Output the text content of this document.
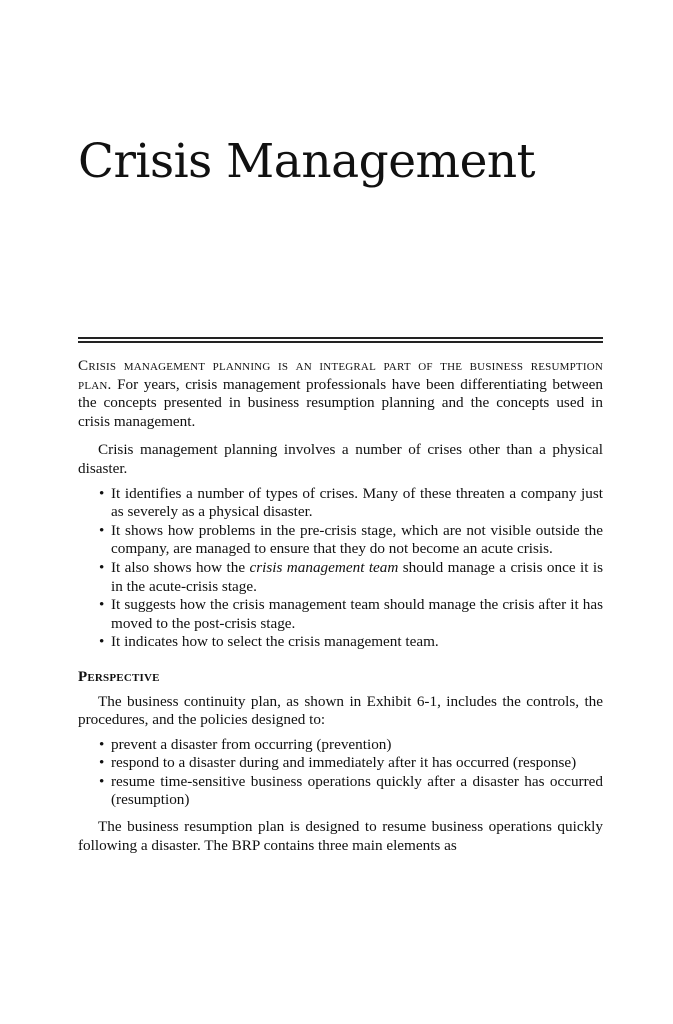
Crisis Management

Crisis management planning is an integral part of the business resumption plan. For years, crisis management professionals have been differentiating between the concepts presented in business resumption planning and the concepts used in crisis management.

Crisis management planning involves a number of crises other than a physical disaster.

• It identifies a number of types of crises. Many of these threaten a company just as severely as a physical disaster.
• It shows how problems in the pre-crisis stage, which are not visible outside the company, are managed to ensure that they do not become an acute crisis.
• It also shows how the crisis management team should manage a crisis once it is in the acute-crisis stage.
• It suggests how the crisis management team should manage the crisis after it has moved to the post-crisis stage.
• It indicates how to select the crisis management team.

Perspective

The business continuity plan, as shown in Exhibit 6-1, includes the controls, the procedures, and the policies designed to:

• prevent a disaster from occurring (prevention)
• respond to a disaster during and immediately after it has occurred (response)
• resume time-sensitive business operations quickly after a disaster has occurred (resumption)

The business resumption plan is designed to resume business operations quickly following a disaster. The BRP contains three main elements as
